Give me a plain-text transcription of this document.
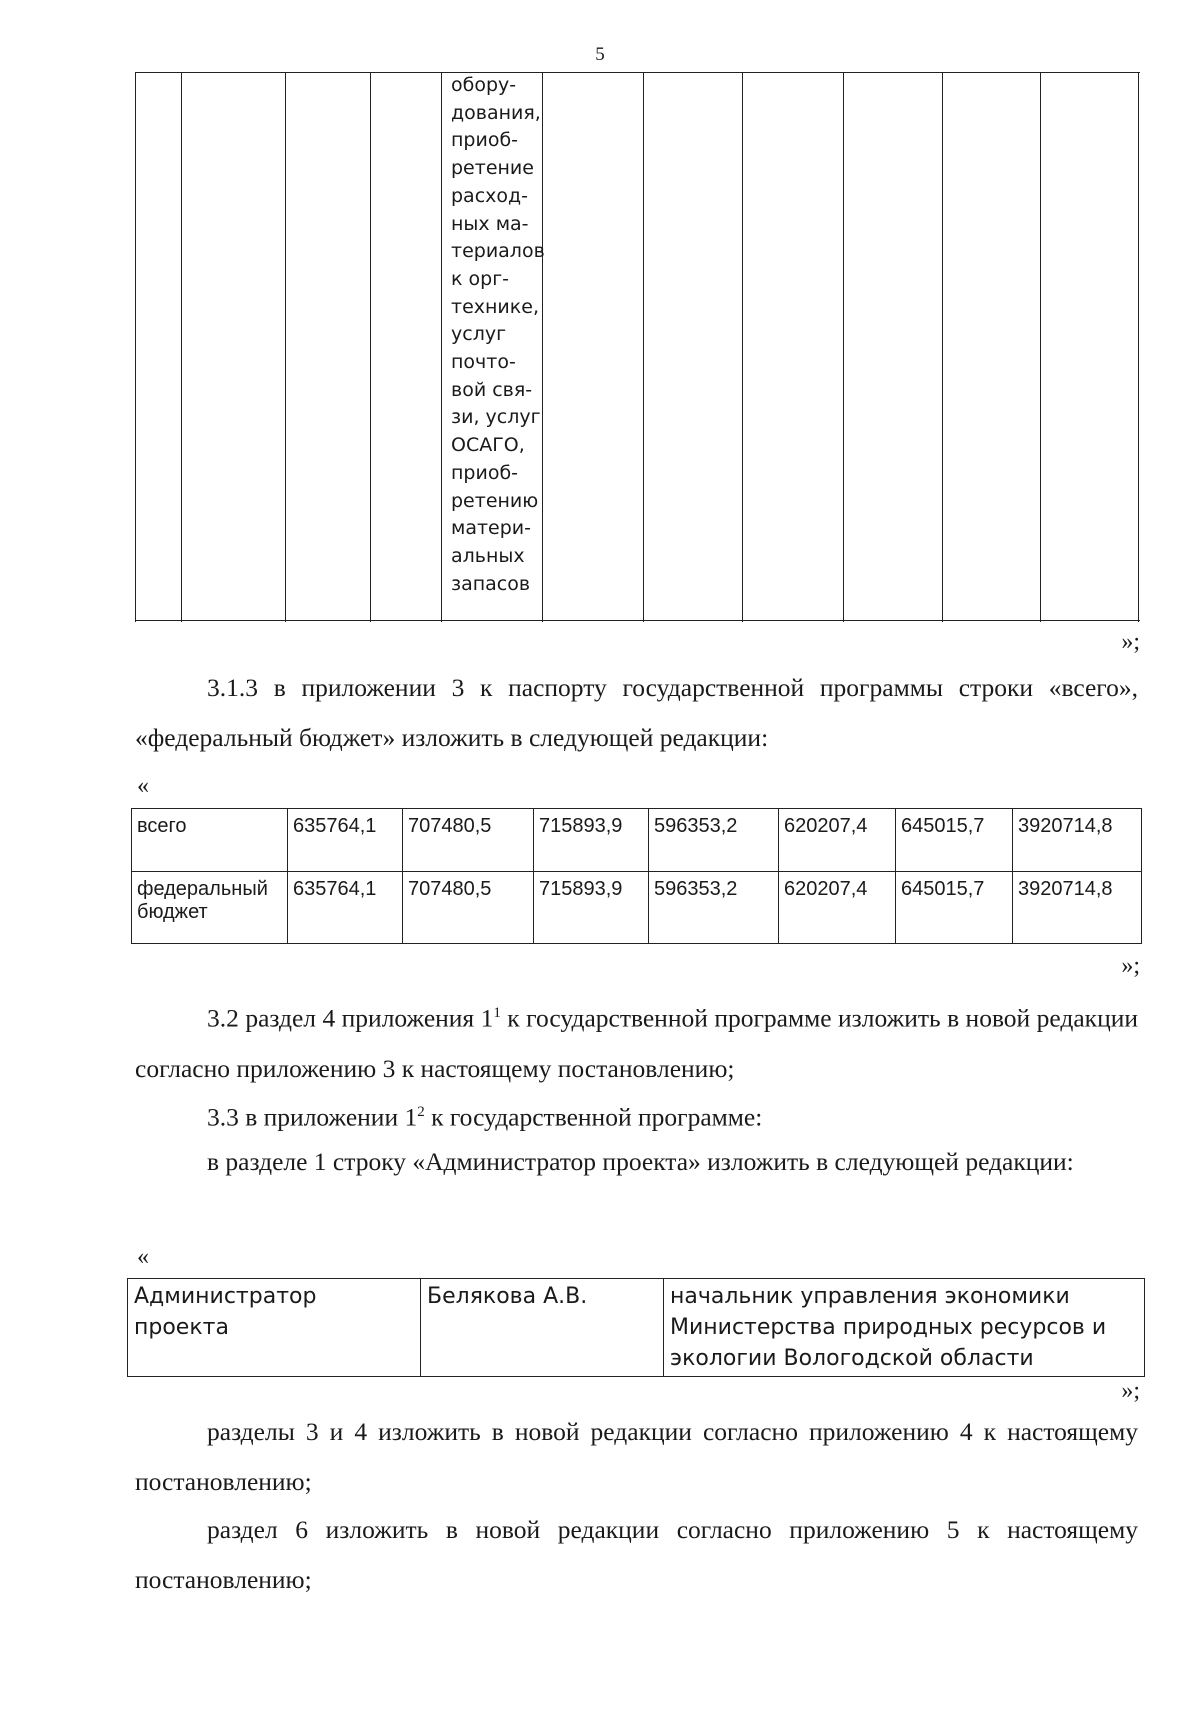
5
обору-
дования,
приоб-
ретение
расход-
ных ма-
териалов
к орг-
технике,
услуг
почто-
вой свя-
зи, услуг
ОСАГО,
приоб-
ретению
матери-
альных
запасов
»;
3.1.3 в приложении 3 к паспорту государственной программы строки «всего», «федеральный бюджет» изложить в следующей редакции:
«
всего	635764,1	707480,5	715893,9	596353,2	620207,4	645015,7	3920714,8
федеральный бюджет	635764,1	707480,5	715893,9	596353,2	620207,4	645015,7	3920714,8
»;
3.2 раздел 4 приложения $1^1$ к государственной программе изложить в новой редакции согласно приложению 3 к настоящему постановлению;
3.3 в приложении $1^2$ к государственной программе:
в разделе 1 строку «Администратор проекта» изложить в следующей редакции:
«
Администратор проекта	Белякова А.В.	начальник управления экономики Министерства природных ресурсов и экологии Вологодской области
»;
разделы 3 и 4 изложить в новой редакции согласно приложению 4 к настоящему постановлению;
раздел 6 изложить в новой редакции согласно приложению 5 к настоящему постановлению;
